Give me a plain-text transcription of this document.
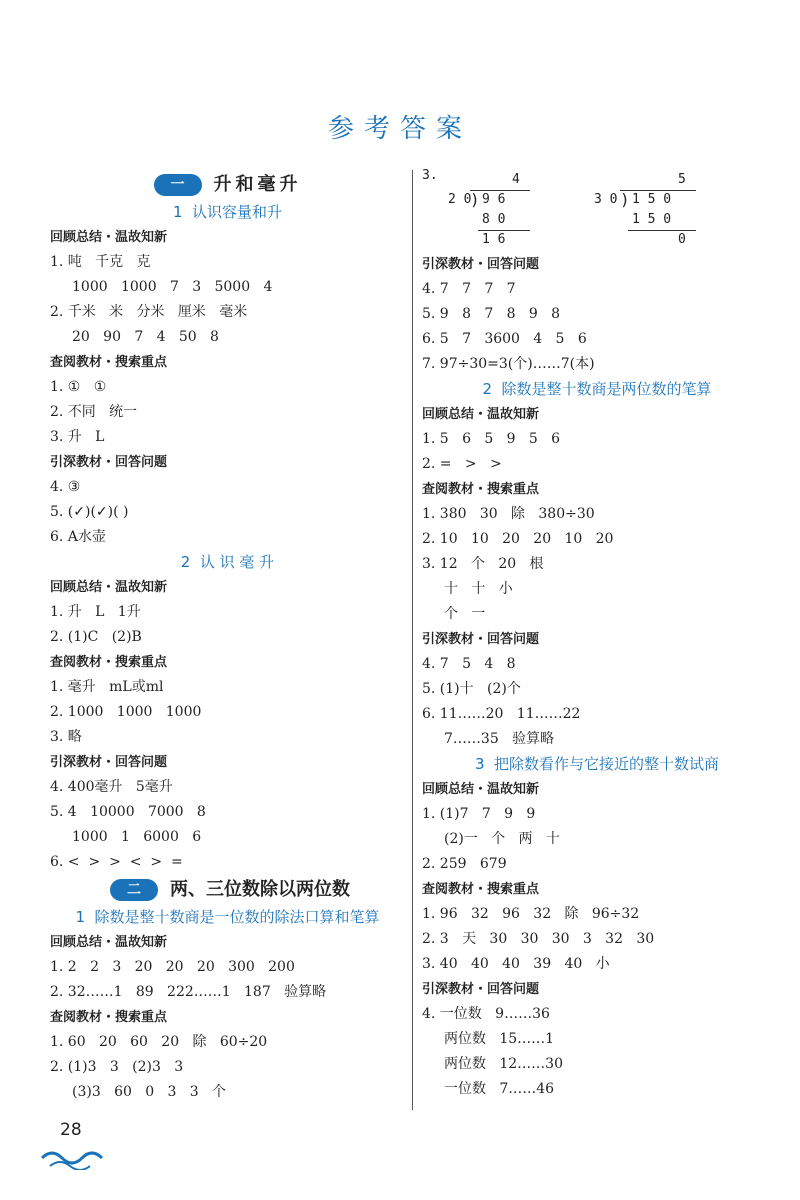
参考答案
一 升和毫升
1  认识容量和升
回顾总结・温故知新
1. 吨   千克   克
1000   1000   7   3   5000   4
2. 千米   米   分米   厘米   毫米
20   90   7   4   50   8
查阅教材・搜索重点
1. ①   ①
2. 不同   统一
3. 升   L
引深教材・回答问题
4. ③
5. (✓)(✓)( )
6. A水壶
2  认 识 毫 升
回顾总结・温故知新
1. 升   L   1升
2. (1)C   (2)B
查阅教材・搜索重点
1. 毫升   mL或ml
2. 1000   1000   1000
3. 略
引深教材・回答问题
4. 400毫升   5毫升
5. 4   10000   7000   8
1000   1   6000   6
6. <  >  >  <  >  =
二 两、三位数除以两位数
1  除数是整十数商是一位数的除法口算和笔算
回顾总结・温故知新
1. 2   2   3   20   20   20   300   200
2. 32……1   89   222……1   187   验算略
查阅教材・搜索重点
1. 60   20   60   20   除   60÷20
2. (1)3   3   (2)3   3
(3)3   60   0   3   3   个
3.	4
2 0
) 9 6
8 0
1 6
5
3 0 ) 1 5 0
1 5 0
0
引深教材・回答问题
4. 7   7   7   7
5. 9   8   7   8   9   8
6. 5   7   3600   4   5   6
7. 97÷30=3(个)……7(本)
2  除数是整十数商是两位数的笔算
回顾总结・温故知新
1. 5   6   5   9   5   6
2. =   >   >
查阅教材・搜索重点
1. 380   30   除   380÷30
2. 10   10   20   20   10   20
3. 12   个   20   根
十   十   小
个   一
引深教材・回答问题
4. 7   5   4   8
5. (1)十   (2)个
6. 11……20   11……22
7……35   验算略
3  把除数看作与它接近的整十数试商
回顾总结・温故知新
1. (1)7   7   9   9
(2)一   个   两   十
2. 259   679
查阅教材・搜索重点
1. 96   32   96   32   除   96÷32
2. 3   天   30   30   30   3   32   30
3. 40   40   40   39   40   小
引深教材・回答问题
4. 一位数   9……36
两位数   15……1
两位数   12……30
一位数   7……46
28
